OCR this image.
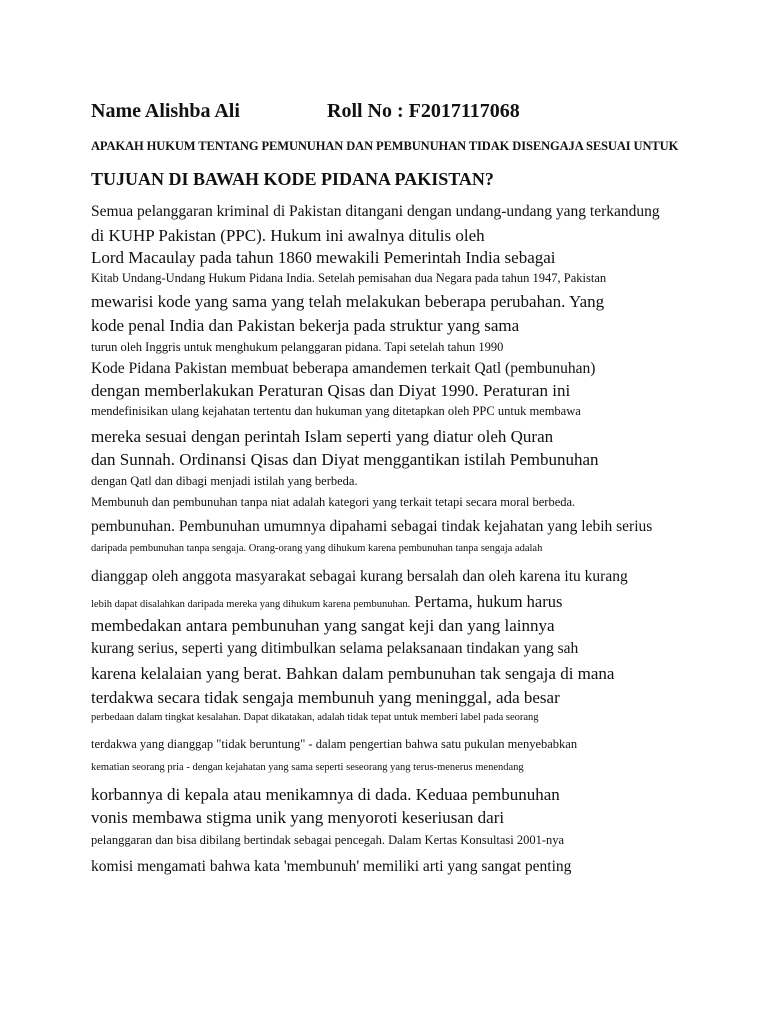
Name Alishba Ali	Roll No : F2017117068
APAKAH HUKUM TENTANG PEMUNUHAN DAN PEMBUNUHAN TIDAK DISENGAJA SESUAI UNTUK
TUJUAN DI BAWAH KODE PIDANA PAKISTAN?
Semua pelanggaran kriminal di Pakistan ditangani dengan undang-undang yang terkandung
di KUHP Pakistan (PPC). Hukum ini awalnya ditulis oleh
Lord Macaulay pada tahun 1860 mewakili Pemerintah India sebagai
Kitab Undang-Undang Hukum Pidana India. Setelah pemisahan dua Negara pada tahun 1947, Pakistan
mewarisi kode yang sama yang telah melakukan beberapa perubahan. Yang
kode penal India dan Pakistan bekerja pada struktur yang sama
turun oleh Inggris untuk menghukum pelanggaran pidana. Tapi setelah tahun 1990
Kode Pidana Pakistan membuat beberapa amandemen terkait Qatl (pembunuhan)
dengan memberlakukan Peraturan Qisas dan Diyat 1990. Peraturan ini
mendefinisikan ulang kejahatan tertentu dan hukuman yang ditetapkan oleh PPC untuk membawa
mereka sesuai dengan perintah Islam seperti yang diatur oleh Quran
dan Sunnah. Ordinansi Qisas dan Diyat menggantikan istilah Pembunuhan
dengan Qatl dan dibagi menjadi istilah yang berbeda.
Membunuh dan pembunuhan tanpa niat adalah kategori yang terkait tetapi secara moral berbeda.
pembunuhan. Pembunuhan umumnya dipahami sebagai tindak kejahatan yang lebih serius
daripada pembunuhan tanpa sengaja. Orang-orang yang dihukum karena pembunuhan tanpa sengaja adalah
dianggap oleh anggota masyarakat sebagai kurang bersalah dan oleh karena itu kurang
lebih dapat disalahkan daripada mereka yang dihukum karena pembunuhan. Pertama, hukum harus
membedakan antara pembunuhan yang sangat keji dan yang lainnya
kurang serius, seperti yang ditimbulkan selama pelaksanaan tindakan yang sah
karena kelalaian yang berat. Bahkan dalam pembunuhan tak sengaja di mana
terdakwa secara tidak sengaja membunuh yang meninggal, ada besar
perbedaan dalam tingkat kesalahan. Dapat dikatakan, adalah tidak tepat untuk memberi label pada seorang
terdakwa yang dianggap "tidak beruntung" - dalam pengertian bahwa satu pukulan menyebabkan
kematian seorang pria - dengan kejahatan yang sama seperti seseorang yang terus-menerus menendang
korbannya di kepala atau menikamnya di dada. Keduaa pembunuhan
vonis membawa stigma unik yang menyoroti keseriusan dari
pelanggaran dan bisa dibilang bertindak sebagai pencegah. Dalam Kertas Konsultasi 2001-nya
komisi mengamati bahwa kata 'membunuh' memiliki arti yang sangat penting
